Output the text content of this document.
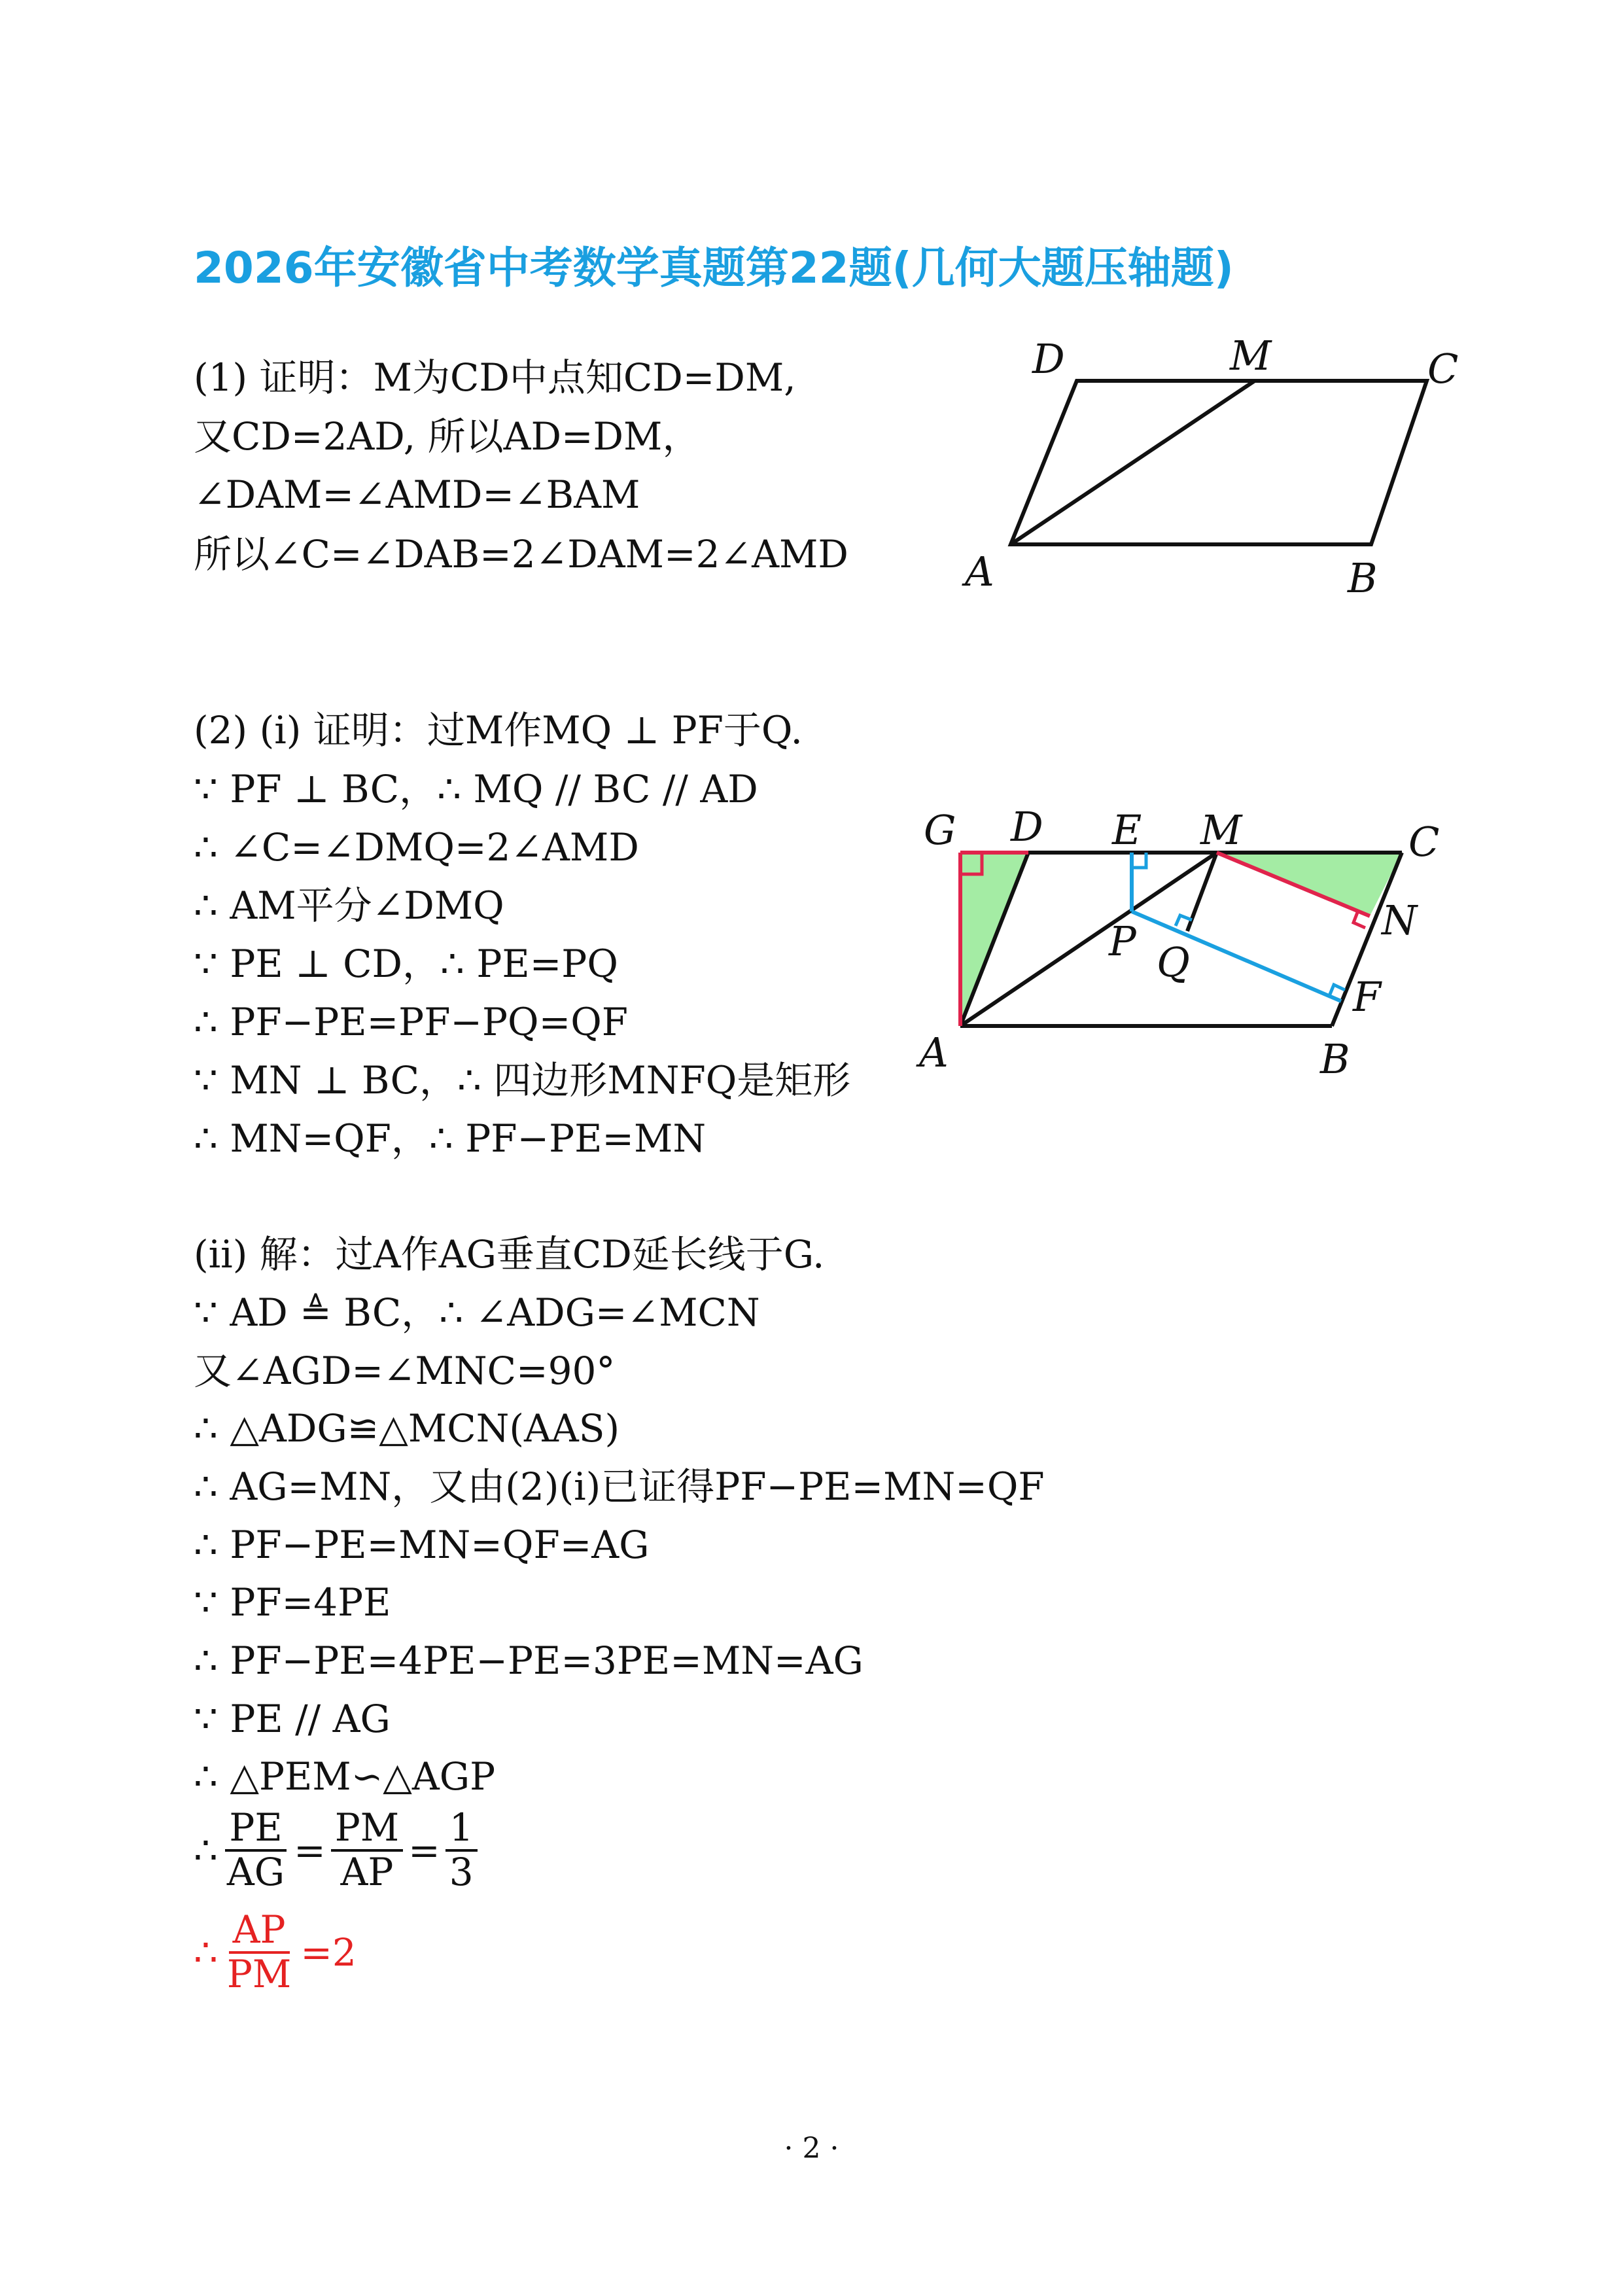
2026年安徽省中考数学真题第22题(几何大题压轴题)
(1) 证明：M为CD中点知CD=DM,
又CD=2AD, 所以AD=DM，
∠DAM=∠AMD=∠BAM
所以∠C=∠DAB=2∠DAM=2∠AMD
D	M	C
A	B
(2) (i) 证明：过M作MQ ⊥ PF于Q.
∵ PF ⊥ BC，∴ MQ // BC // AD
∴ ∠C=∠DMQ=2∠AMD
∴ AM平分∠DMQ
∵ PE ⊥ CD，∴ PE=PQ
∴ PF−PE=PF−PQ=QF
∵ MN ⊥ BC，∴ 四边形MNFQ是矩形
∴ MN=QF，∴ PF−PE=MN
G D E M	C
N
P Q
F
A	B
(ii) 解：过A作AG垂直CD延长线于G.
∵ AD ≜ BC，∴ ∠ADG=∠MCN
又∠AGD=∠MNC=90°
∴ △ADG≌△MCN(AAS)
∴ AG=MN，又由(2)(i)已证得PF−PE=MN=QF
∴ PF−PE=MN=QF=AG
∵ PF=4PE
∴ PF−PE=4PE−PE=3PE=MN=AG
∵ PE // AG
∴ △PEM∽△AGP
∴ $\frac{PE}{AG} = \frac{PM}{AP} = \frac{1}{3}$
∴ $\frac{AP}{PM} =2$
· 2 ·
